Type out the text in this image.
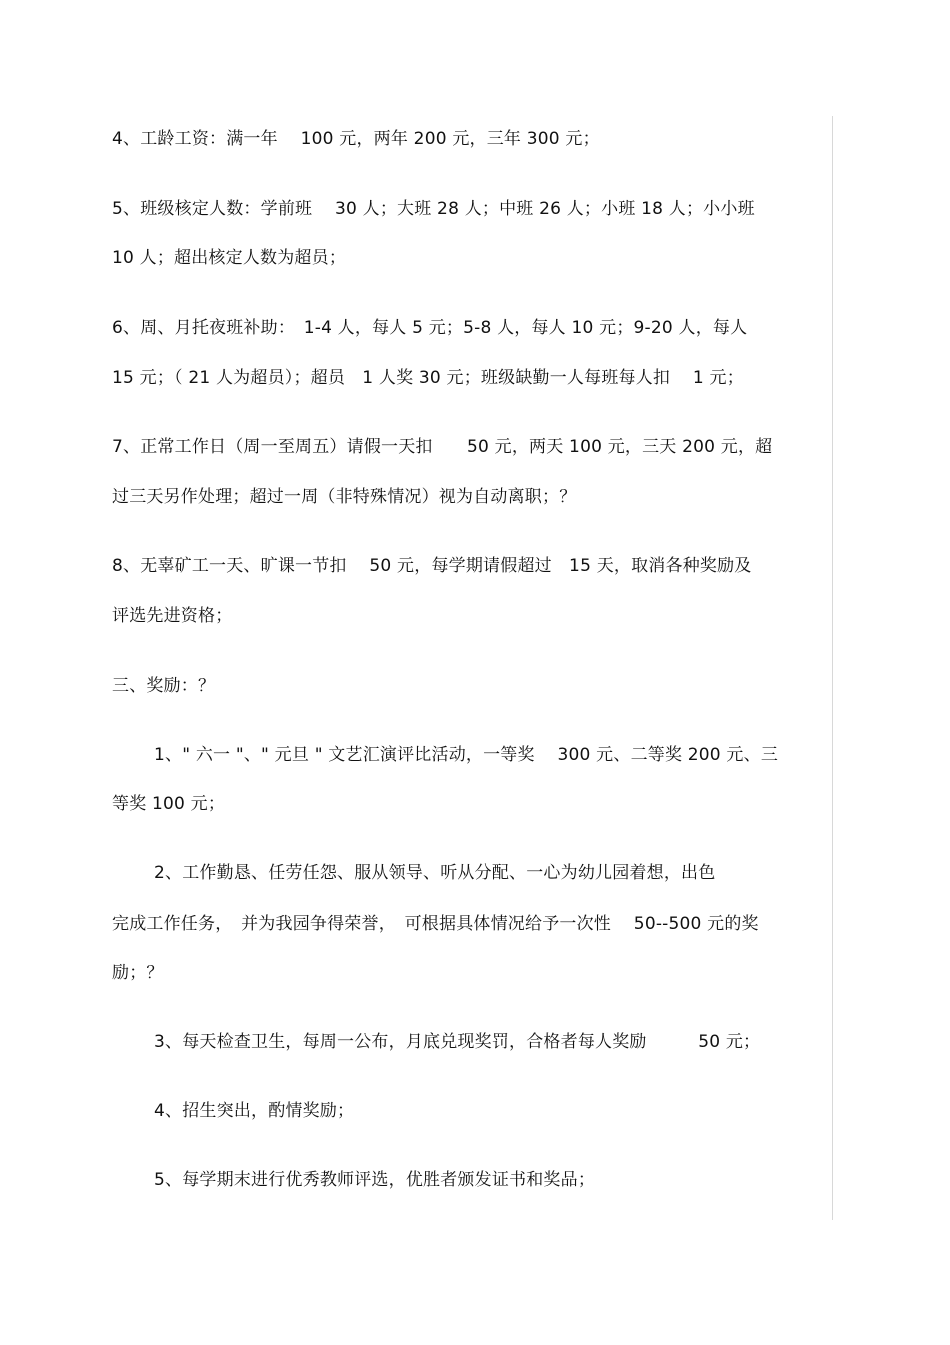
4、工龄工资：满一年　 100 元，两年 200 元，三年 300 元；
5、班级核定人数：学前班　 30 人；大班 28 人；中班 26 人；小班 18 人；小小班
10 人；超出核定人数为超员；
6、周、月托夜班补助：　1-4 人，每人 5 元；5-8 人，每人 10 元；9-20 人，每人
15 元；（ 21 人为超员）；超员　1 人奖 30 元；班级缺勤一人每班每人扣　 1 元；
7、正常工作日（周一至周五）请假一天扣　　50 元，两天 100 元，三天 200 元，超
过三天另作处理；超过一周（非特殊情况）视为自动离职；？
8、无辜矿工一天、旷课一节扣　 50 元，每学期请假超过　15 天，取消各种奖励及
评选先进资格；
三、奖励：？
1、" 六一 "、" 元旦 " 文艺汇演评比活动，一等奖　 300 元、二等奖 200 元、三
等奖 100 元；
2、工作勤恳、任劳任怨、服从领导、听从分配、一心为幼儿园着想，出色
完成工作任务，　并为我园争得荣誉，　可根据具体情况给予一次性　 50--500 元的奖
励；？
3、每天检查卫生，每周一公布，月底兑现奖罚，合格者每人奖励　　　50 元；
4、招生突出，酌情奖励；
5、每学期末进行优秀教师评选，优胜者颁发证书和奖品；
